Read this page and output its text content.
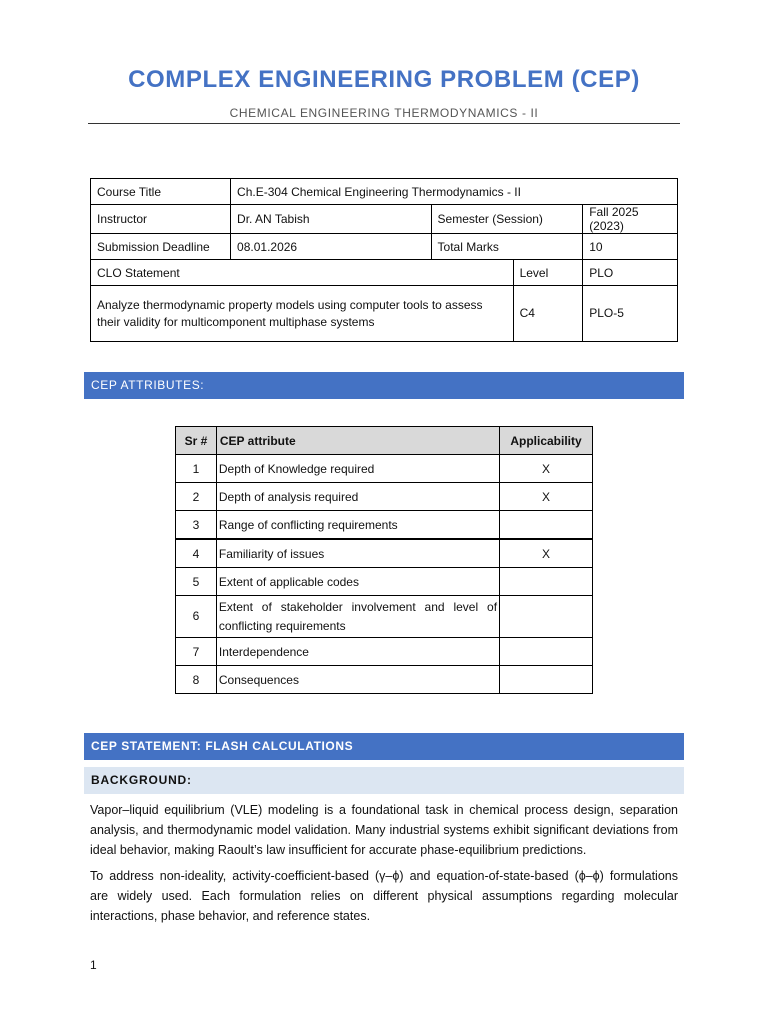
COMPLEX ENGINEERING PROBLEM (CEP)
CHEMICAL ENGINEERING THERMODYNAMICS - II
Course Title	Ch.E-304 Chemical Engineering Thermodynamics - II			
Instructor	Dr. AN Tabish	Semester (Session)		Fall 2025 (2023)
Submission Deadline	08.01.2026	Total Marks		10
CLO Statement			Level	PLO
Analyze thermodynamic property models using computer tools to assess their validity for multicomponent multiphase systems			C4	PLO-5
CEP ATTRIBUTES:
Sr #	CEP attribute	Applicability
1	Depth of Knowledge required	X
2	Depth of analysis required	X
3	Range of conflicting requirements	
4	Familiarity of issues	X
5	Extent of applicable codes	
6	Extent of stakeholder involvement and level of conflicting requirements	
7	Interdependence	
8	Consequences	
CEP STATEMENT: FLASH CALCULATIONS
BACKGROUND:
Vapor–liquid equilibrium (VLE) modeling is a foundational task in chemical process design, separation analysis, and thermodynamic model validation. Many industrial systems exhibit significant deviations from ideal behavior, making Raoult’s law insufficient for accurate phase-equilibrium predictions.
To address non-ideality, activity-coefficient-based (γ–ϕ) and equation-of-state-based (ϕ–ϕ) formulations are widely used. Each formulation relies on different physical assumptions regarding molecular interactions, phase behavior, and reference states.
1
